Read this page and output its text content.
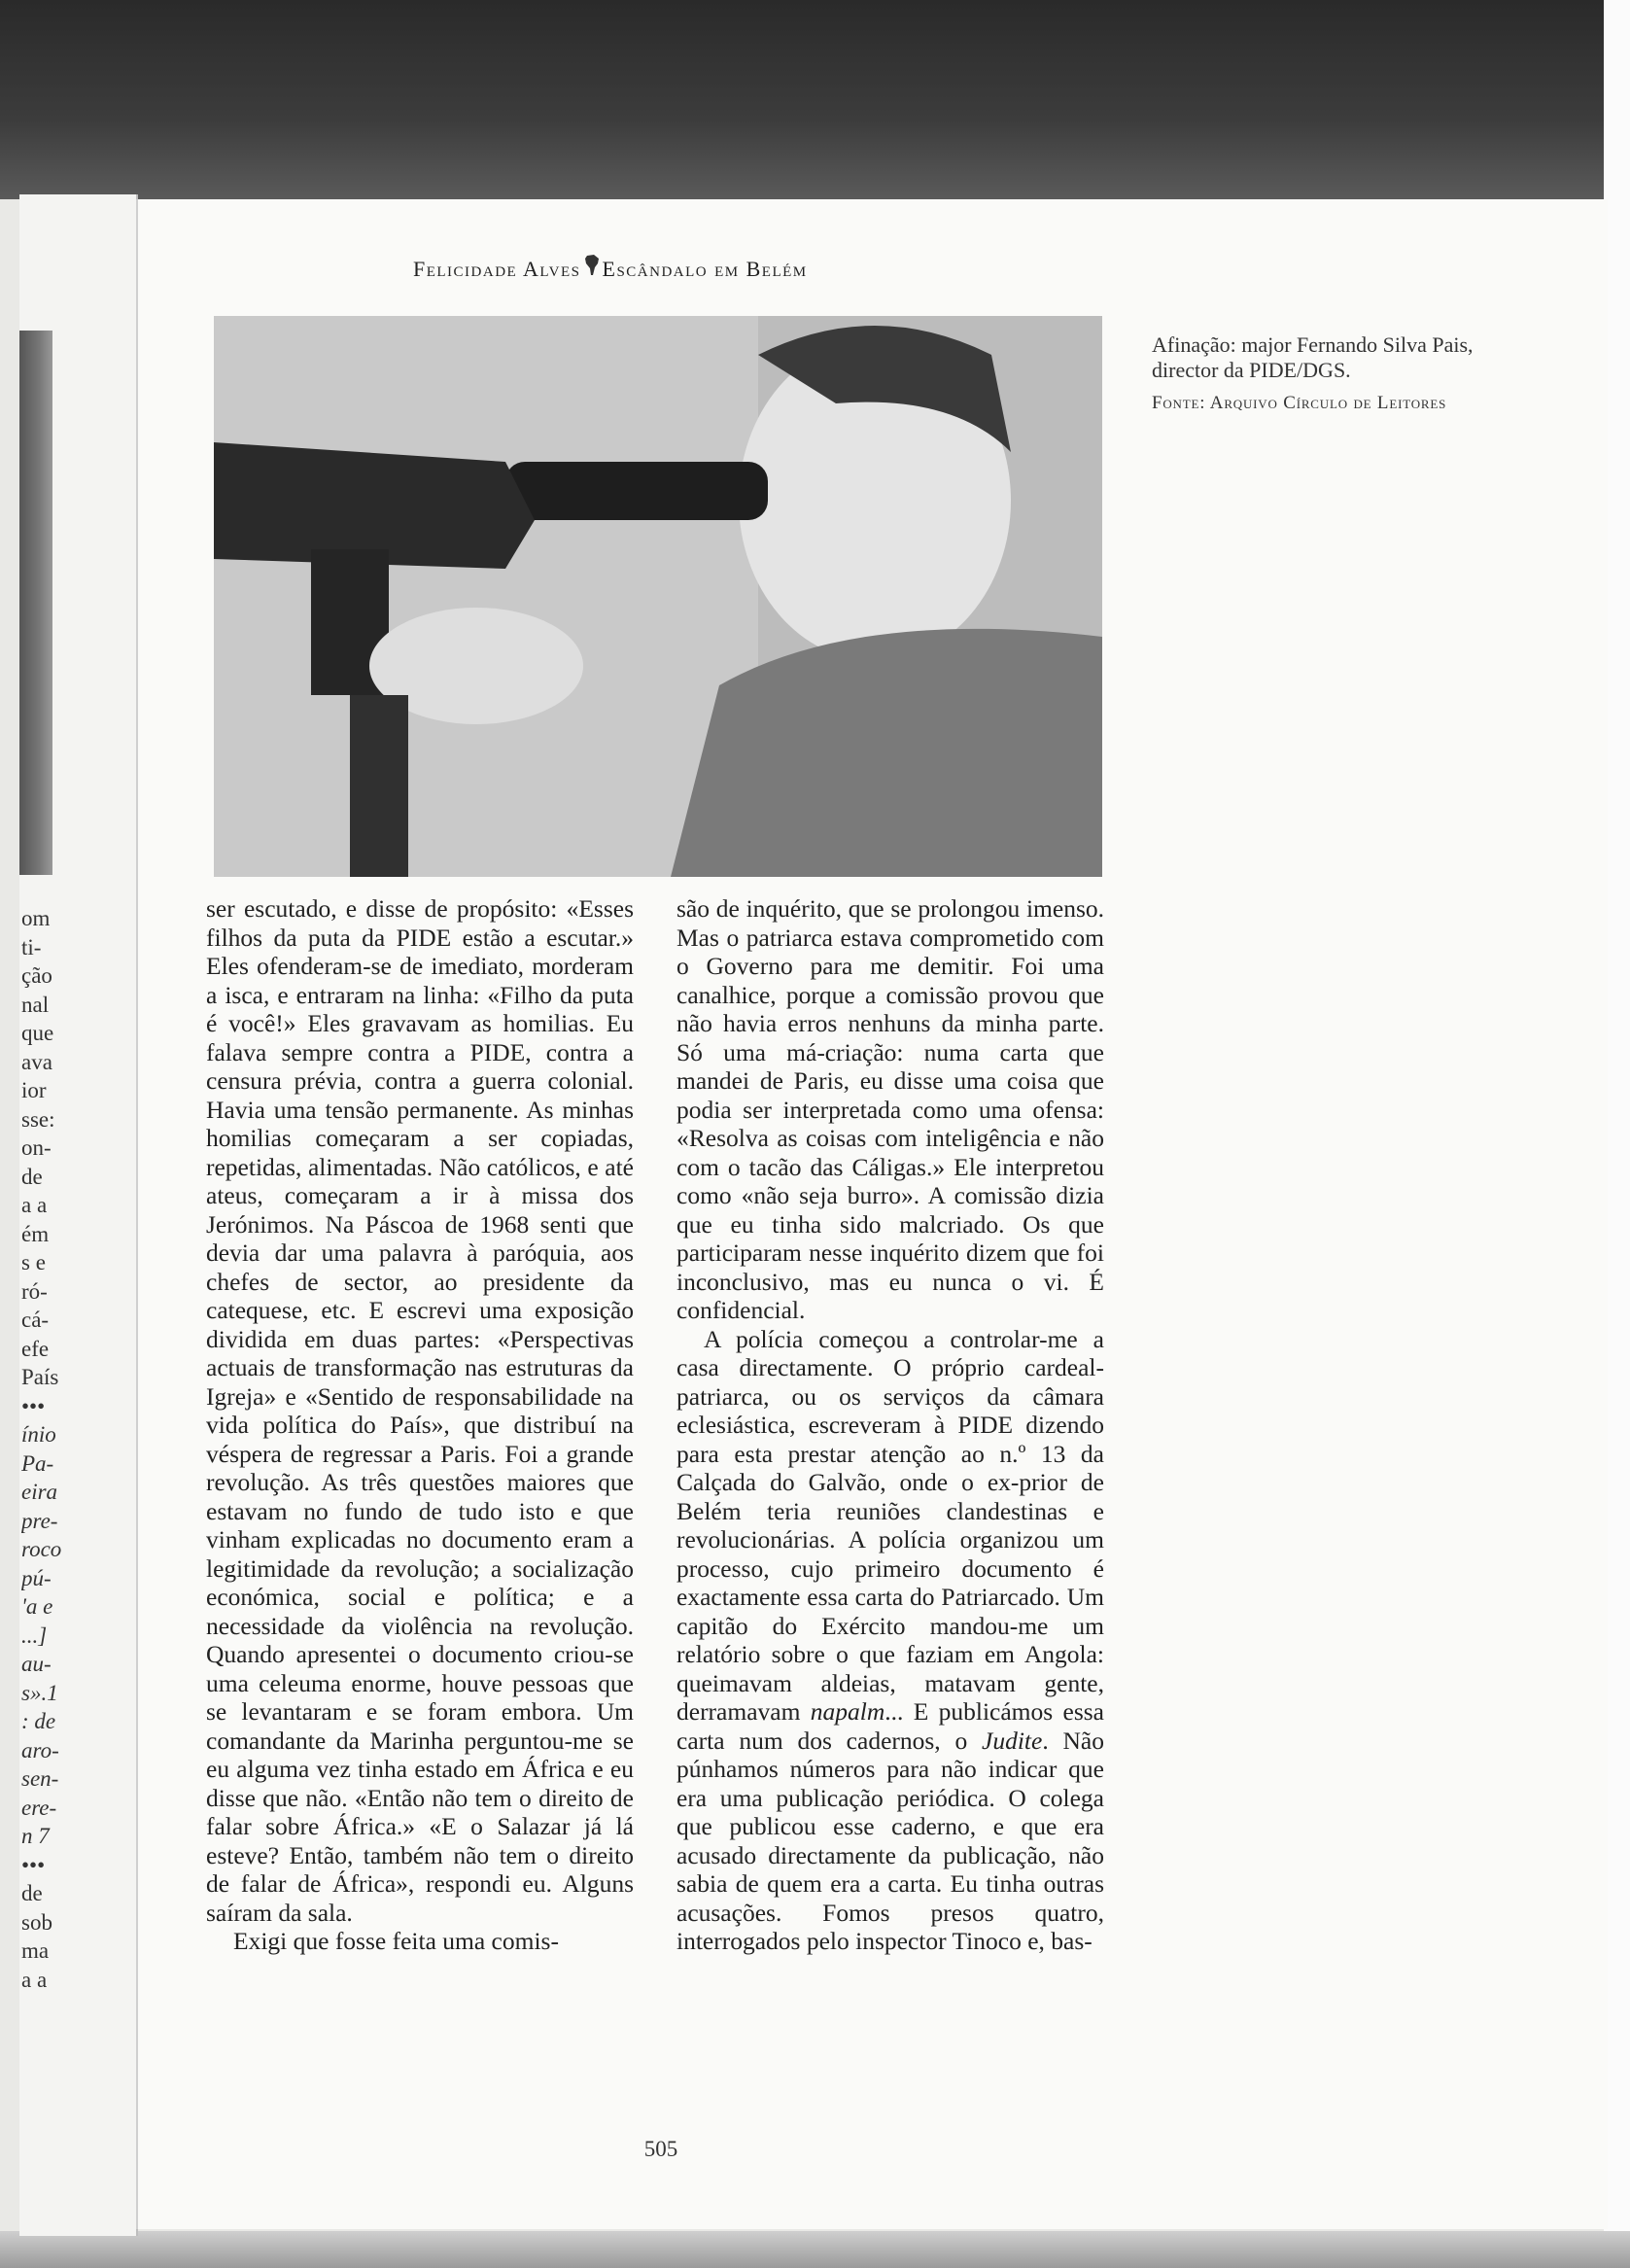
om
ti-
ção
nal
que
ava
ior
sse:
on-
de
a a
ém
s e
ró-
cá-
efe
País
•••
ínio
Pa-
eira
pre-
roco
pú-
'a e
...]
au-
s».1
: de
aro-
sen-
ere-
n 7
•••
de
sob
ma
a a
Felicidade Alves Escândalo em Belém
Afinação: major Fernando Silva Pais, director da PIDE/DGS.
Fonte: Arquivo Círculo de Leitores

ser escutado, e disse de propósito: «Esses filhos da puta da PIDE estão a escutar.» Eles ofenderam-se de imediato, morderam a isca, e entraram na linha: «Filho da puta é você!» Eles gravavam as homilias. Eu falava sempre contra a PIDE, contra a censura prévia, contra a guerra colonial. Havia uma tensão permanente. As minhas homilias começaram a ser copiadas, repetidas, alimentadas. Não católicos, e até ateus, começaram a ir à missa dos Jerónimos. Na Páscoa de 1968 senti que devia dar uma palavra à paróquia, aos chefes de sector, ao presidente da catequese, etc. E escrevi uma exposição dividida em duas partes: «Perspectivas actuais de transformação nas estruturas da Igreja» e «Sentido de responsabilidade na vida política do País», que distribuí na véspera de regressar a Paris. Foi a grande revolução. As três questões maiores que estavam no fundo de tudo isto e que vinham explicadas no documento eram a legitimidade da revolução; a socialização económica, social e política; e a necessidade da violência na revolução. Quando apresentei o documento criou-se uma celeuma enorme, houve pessoas que se levantaram e se foram embora. Um comandante da Marinha perguntou-me se eu alguma vez tinha estado em África e eu disse que não. «Então não tem o direito de falar sobre África.» «E o Salazar já lá esteve? Então, também não tem o direito de falar de África», respondi eu. Alguns saíram da sala.

Exigi que fosse feita uma comis-

são de inquérito, que se prolongou imenso. Mas o patriarca estava comprometido com o Governo para me demitir. Foi uma canalhice, porque a comissão provou que não havia erros nenhuns da minha parte. Só uma má-criação: numa carta que mandei de Paris, eu disse uma coisa que podia ser interpretada como uma ofensa: «Resolva as coisas com inteligência e não com o tacão das Cáligas.» Ele interpretou como «não seja burro». A comissão dizia que eu tinha sido malcriado. Os que participaram nesse inquérito dizem que foi inconclusivo, mas eu nunca o vi. É confidencial.

A polícia começou a controlar-me a casa directamente. O próprio cardeal-patriarca, ou os serviços da câmara eclesiástica, escreveram à PIDE dizendo para esta prestar atenção ao n.º 13 da Calçada do Galvão, onde o ex-prior de Belém teria reuniões clandestinas e revolucionárias. A polícia organizou um processo, cujo primeiro documento é exactamente essa carta do Patriarcado. Um capitão do Exército mandou-me um relatório sobre o que faziam em Angola: queimavam aldeias, matavam gente, derramavam napalm... E publicámos essa carta num dos cadernos, o Judite. Não púnhamos números para não indicar que era uma publicação periódica. O colega que publicou esse caderno, e que era acusado directamente da publicação, não sabia de quem era a carta. Eu tinha outras acusações. Fomos presos quatro, interrogados pelo inspector Tinoco e, bas-

505
